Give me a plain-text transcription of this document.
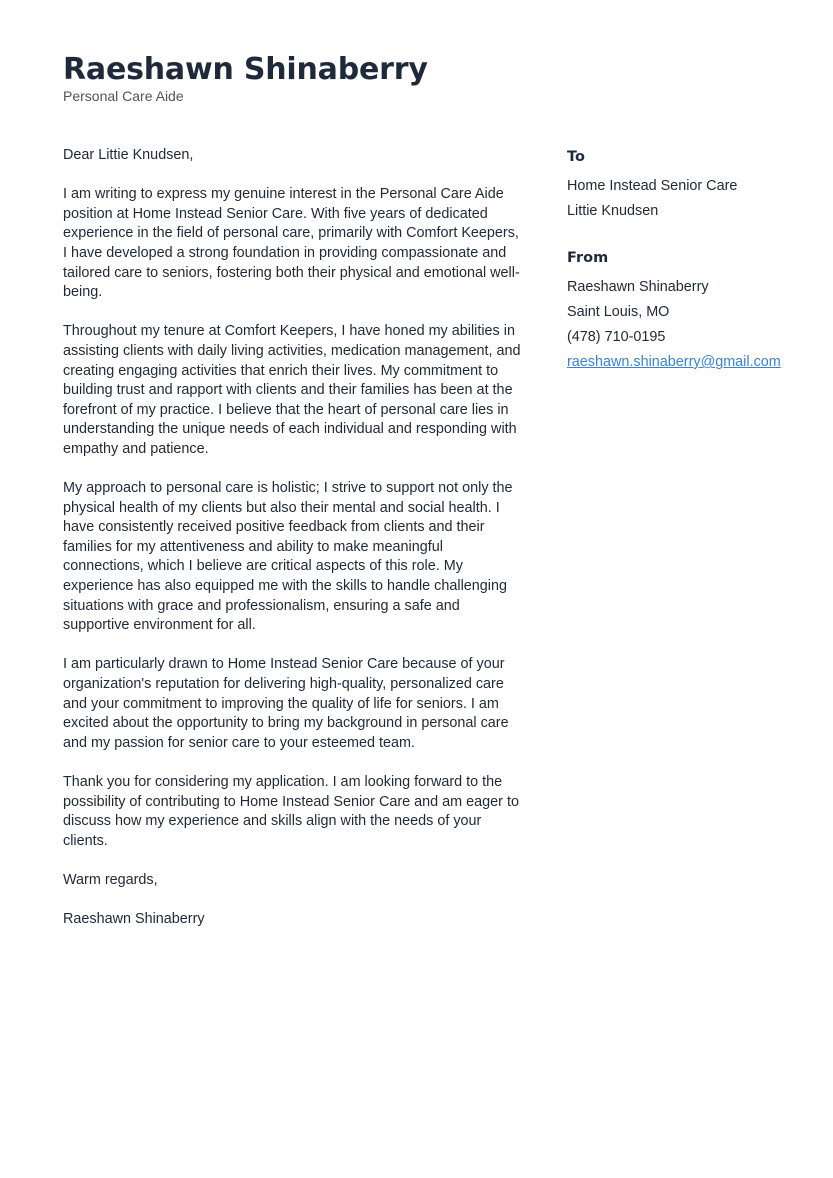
Raeshawn Shinaberry
Personal Care Aide

Dear Littie Knudsen,

I am writing to express my genuine interest in the Personal Care Aide position at Home Instead Senior Care. With five years of dedicated experience in the field of personal care, primarily with Comfort Keepers, I have developed a strong foundation in providing compassionate and tailored care to seniors, fostering both their physical and emotional well-being.

Throughout my tenure at Comfort Keepers, I have honed my abilities in assisting clients with daily living activities, medication management, and creating engaging activities that enrich their lives. My commitment to building trust and rapport with clients and their families has been at the forefront of my practice. I believe that the heart of personal care lies in understanding the unique needs of each individual and responding with empathy and patience.

My approach to personal care is holistic; I strive to support not only the physical health of my clients but also their mental and social health. I have consistently received positive feedback from clients and their families for my attentiveness and ability to make meaningful connections, which I believe are critical aspects of this role. My experience has also equipped me with the skills to handle challenging situations with grace and professionalism, ensuring a safe and supportive environment for all.

I am particularly drawn to Home Instead Senior Care because of your organization's reputation for delivering high-quality, personalized care and your commitment to improving the quality of life for seniors. I am excited about the opportunity to bring my background in personal care and my passion for senior care to your esteemed team.

Thank you for considering my application. I am looking forward to the possibility of contributing to Home Instead Senior Care and am eager to discuss how my experience and skills align with the needs of your clients.

Warm regards,

Raeshawn Shinaberry

To
Home Instead Senior Care
Littie Knudsen
From
Raeshawn Shinaberry
Saint Louis, MO
(478) 710-0195
raeshawn.shinaberry@gmail.com
